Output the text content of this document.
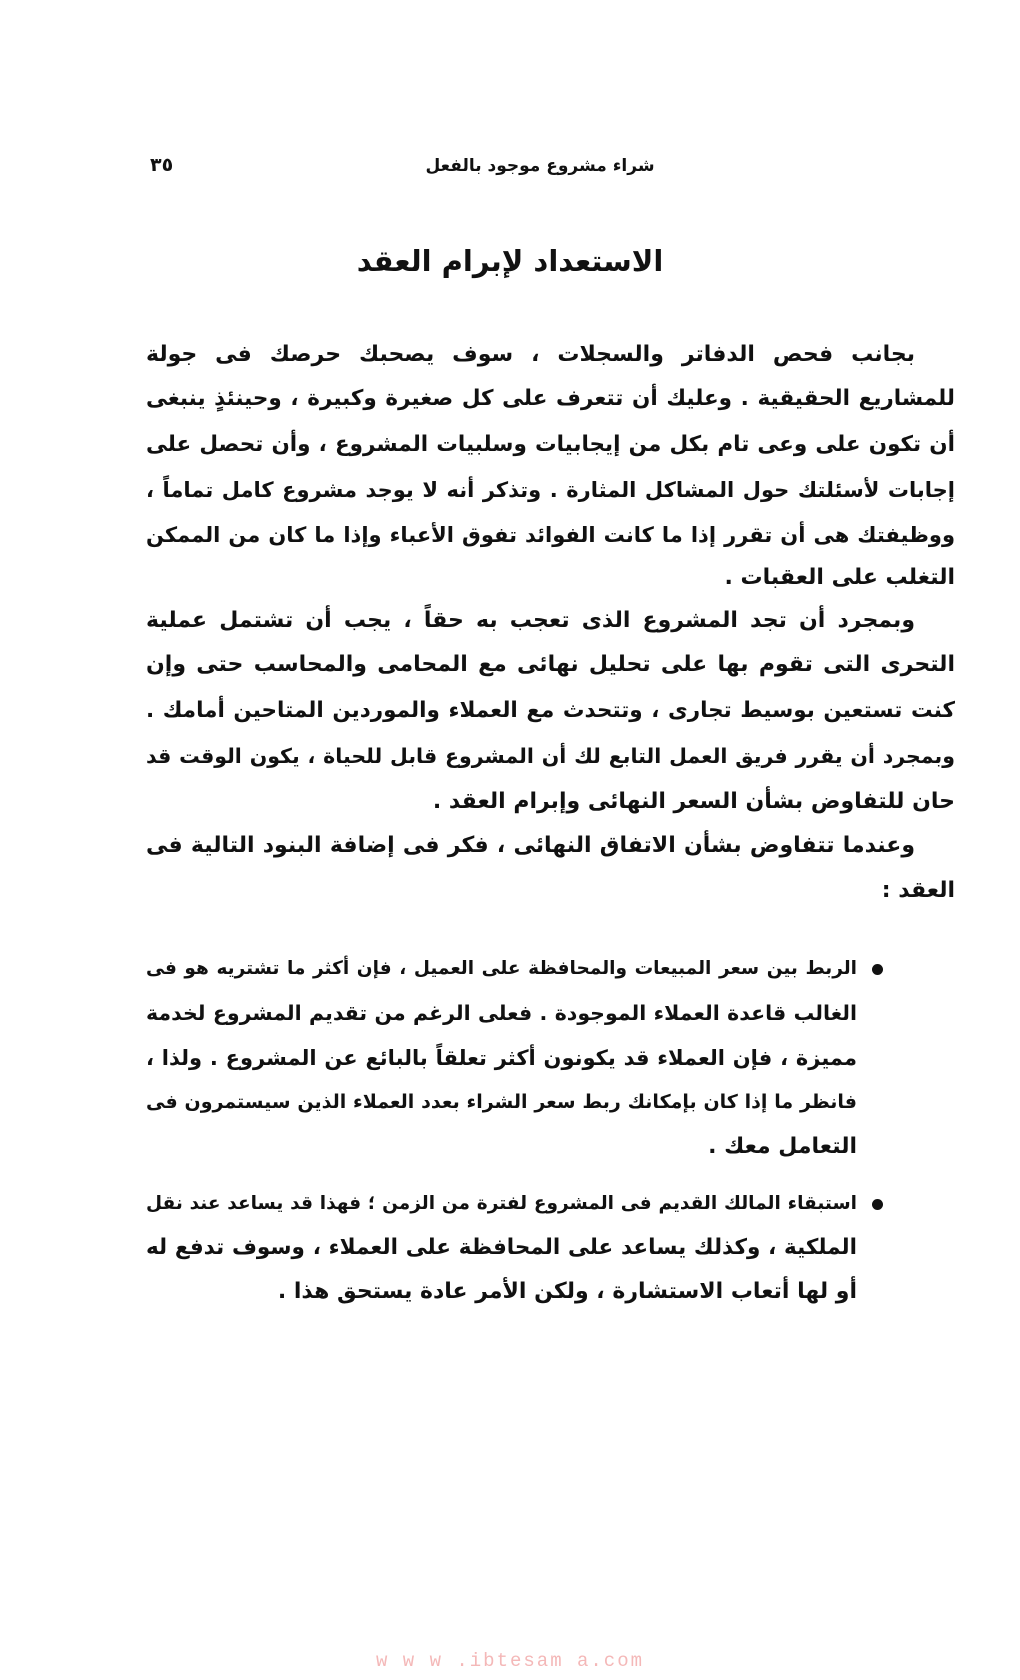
شراء مشروع موجود بالفعل
٣٥
الاستعداد لإبرام العقد
بجانب فحص الدفاتر والسجلات ، سوف يصحبك حرصك فى جولة
للمشاريع الحقيقية . وعليك أن تتعرف على كل صغيرة وكبيرة ، وحينئذٍ ينبغى
أن تكون على وعى تام بكل من إيجابيات وسلبيات المشروع ، وأن تحصل على
إجابات لأسئلتك حول المشاكل المثارة . وتذكر أنه لا يوجد مشروع كامل تماماً ،
ووظيفتك هى أن تقرر إذا ما كانت الفوائد تفوق الأعباء وإذا ما كان من الممكن
التغلب على العقبات .
وبمجرد أن تجد المشروع الذى تعجب به حقاً ، يجب أن تشتمل عملية
التحرى التى تقوم بها على تحليل نهائى مع المحامى والمحاسب حتى وإن
كنت تستعين بوسيط تجارى ، وتتحدث مع العملاء والموردين المتاحين أمامك .
وبمجرد أن يقرر فريق العمل التابع لك أن المشروع قابل للحياة ، يكون الوقت قد
حان للتفاوض بشأن السعر النهائى وإبرام العقد .
وعندما تتفاوض بشأن الاتفاق النهائى ، فكر فى إضافة البنود التالية فى
العقد :
الربط بين سعر المبيعات والمحافظة على العميل ، فإن أكثر ما تشتريه هو فى
الغالب قاعدة العملاء الموجودة . فعلى الرغم من تقديم المشروع لخدمة
مميزة ، فإن العملاء قد يكونون أكثر تعلقاً بالبائع عن المشروع . ولذا ،
فانظر ما إذا كان بإمكانك ربط سعر الشراء بعدد العملاء الذين سيستمرون فى
التعامل معك .
استبقاء المالك القديم فى المشروع لفترة من الزمن ؛ فهذا قد يساعد عند نقل
الملكية ، وكذلك يساعد على المحافظة على العملاء ، وسوف تدفع له
أو لها أتعاب الاستشارة ، ولكن الأمر عادة يستحق هذا .
w w w .ibtesam a.com
